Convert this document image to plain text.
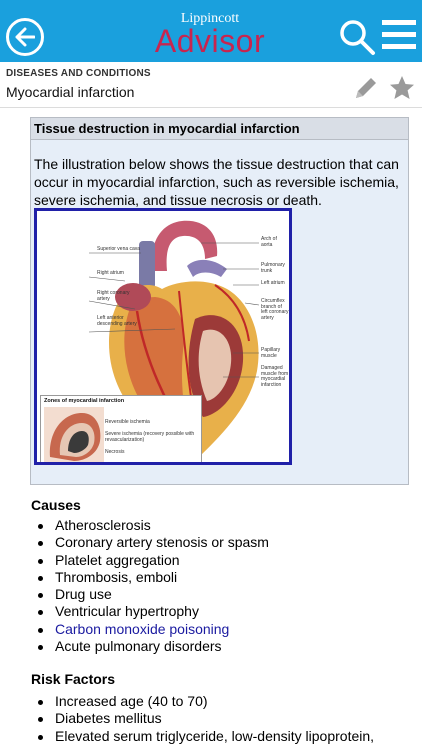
Lippincott
Advisor
DISEASES AND CONDITIONS
Myocardial infarction
Tissue destruction in myocardial infarction
The illustration below shows the tissue destruction that can occur in myocardial infarction, such as reversible ischemia, severe ischemia, and tissue necrosis or death.
Superior vena cava
Right atrium
Right coronary artery
Left anterior descending artery
Arch of aorta
Pulmonary trunk
Left atrium
Circumflex branch of left coronary artery
Papillary muscle
Damaged muscle from myocardial infarction
Zones of myocardial infarction
Reversible ischemia
Severe ischemia (recovery possible with revascularization)
Necrosis
Causes
Atherosclerosis
Coronary artery stenosis or spasm
Platelet aggregation
Thrombosis, emboli
Drug use
Ventricular hypertrophy
Carbon monoxide poisoning
Acute pulmonary disorders
Risk Factors
Increased age (40 to 70)
Diabetes mellitus
Elevated serum triglyceride, low-density lipoprotein,
